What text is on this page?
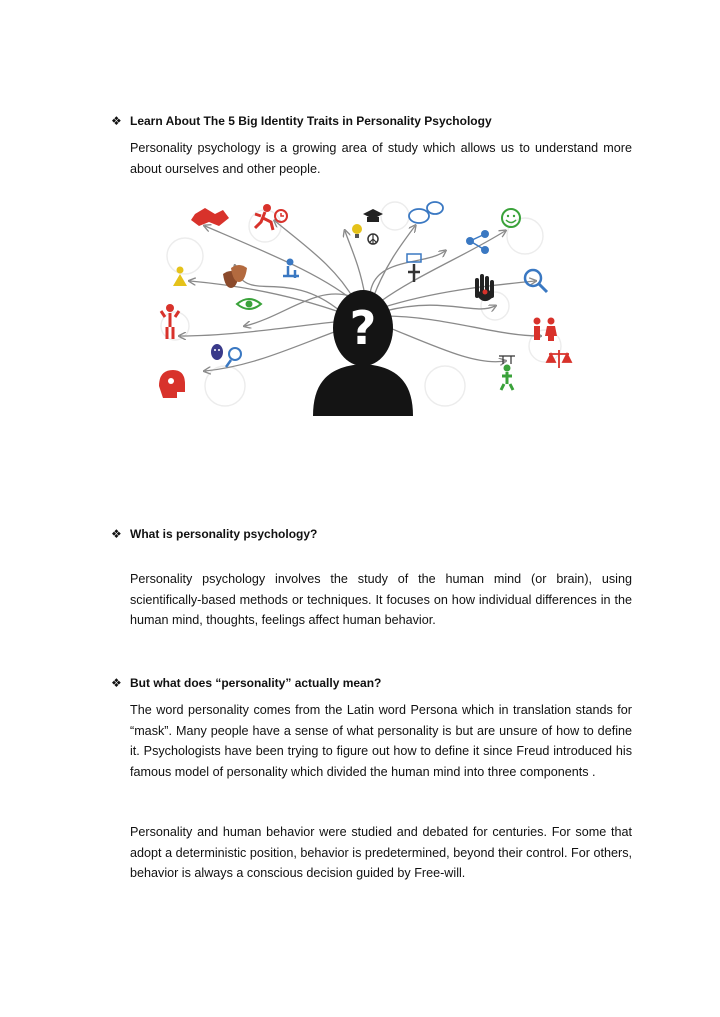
❖ Learn About The 5 Big Identity Traits in Personality Psychology

Personality psychology is a growing area of study which allows us to understand more about ourselves and other people.

?
❖ What is personality psychology?

Personality psychology involves the study of the human mind (or brain), using scientifically-based methods or techniques. It focuses on how individual differences in the human mind, thoughts, feelings affect human behavior.

❖ But what does “personality” actually mean?

The word personality comes from the Latin word Persona which in translation stands for “mask”. Many people have a sense of what personality is but are unsure of how to define it. Psychologists have been trying to figure out how to define it since Freud introduced his famous model of personality which divided the human mind into three components .

Personality and human behavior were studied and debated for centuries. For some that adopt a deterministic position, behavior is predetermined, beyond their control. For others, behavior is always a conscious decision guided by Free-will.
